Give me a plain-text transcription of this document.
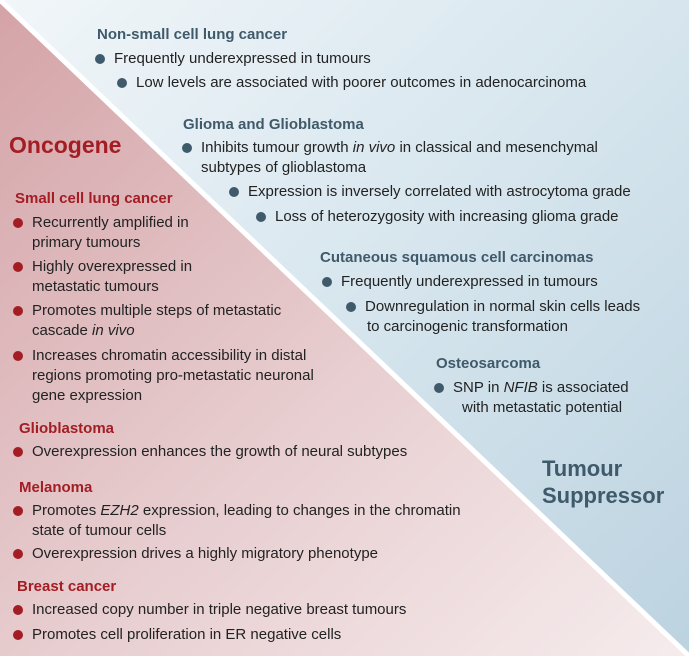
Non-small cell lung cancer
Frequently underexpressed in tumours
Low levels are associated with poorer outcomes in adenocarcinoma
Glioma and Glioblastoma
Inhibits tumour growth in vivo in classical and mesenchymal
subtypes of glioblastoma
Expression is inversely correlated with astrocytoma grade
Loss of heterozygosity with increasing glioma grade
Cutaneous squamous cell carcinomas
Frequently underexpressed in tumours
Downregulation in normal skin cells leads
to carcinogenic transformation
Osteosarcoma
SNP in NFIB is associated
with metastatic potential
Tumour
Suppressor
Oncogene
Small cell lung cancer
Recurrently amplified in
primary tumours
Highly overexpressed in
metastatic tumours
Promotes multiple steps of metastatic
cascade in vivo
Increases chromatin accessibility in distal
regions promoting pro-metastatic neuronal
gene expression
Glioblastoma
Overexpression enhances the growth of neural subtypes
Melanoma
Promotes EZH2 expression, leading to changes in the chromatin
state of tumour cells
Overexpression drives a highly migratory phenotype
Breast cancer
Increased copy number in triple negative breast tumours
Promotes cell proliferation in ER negative cells
